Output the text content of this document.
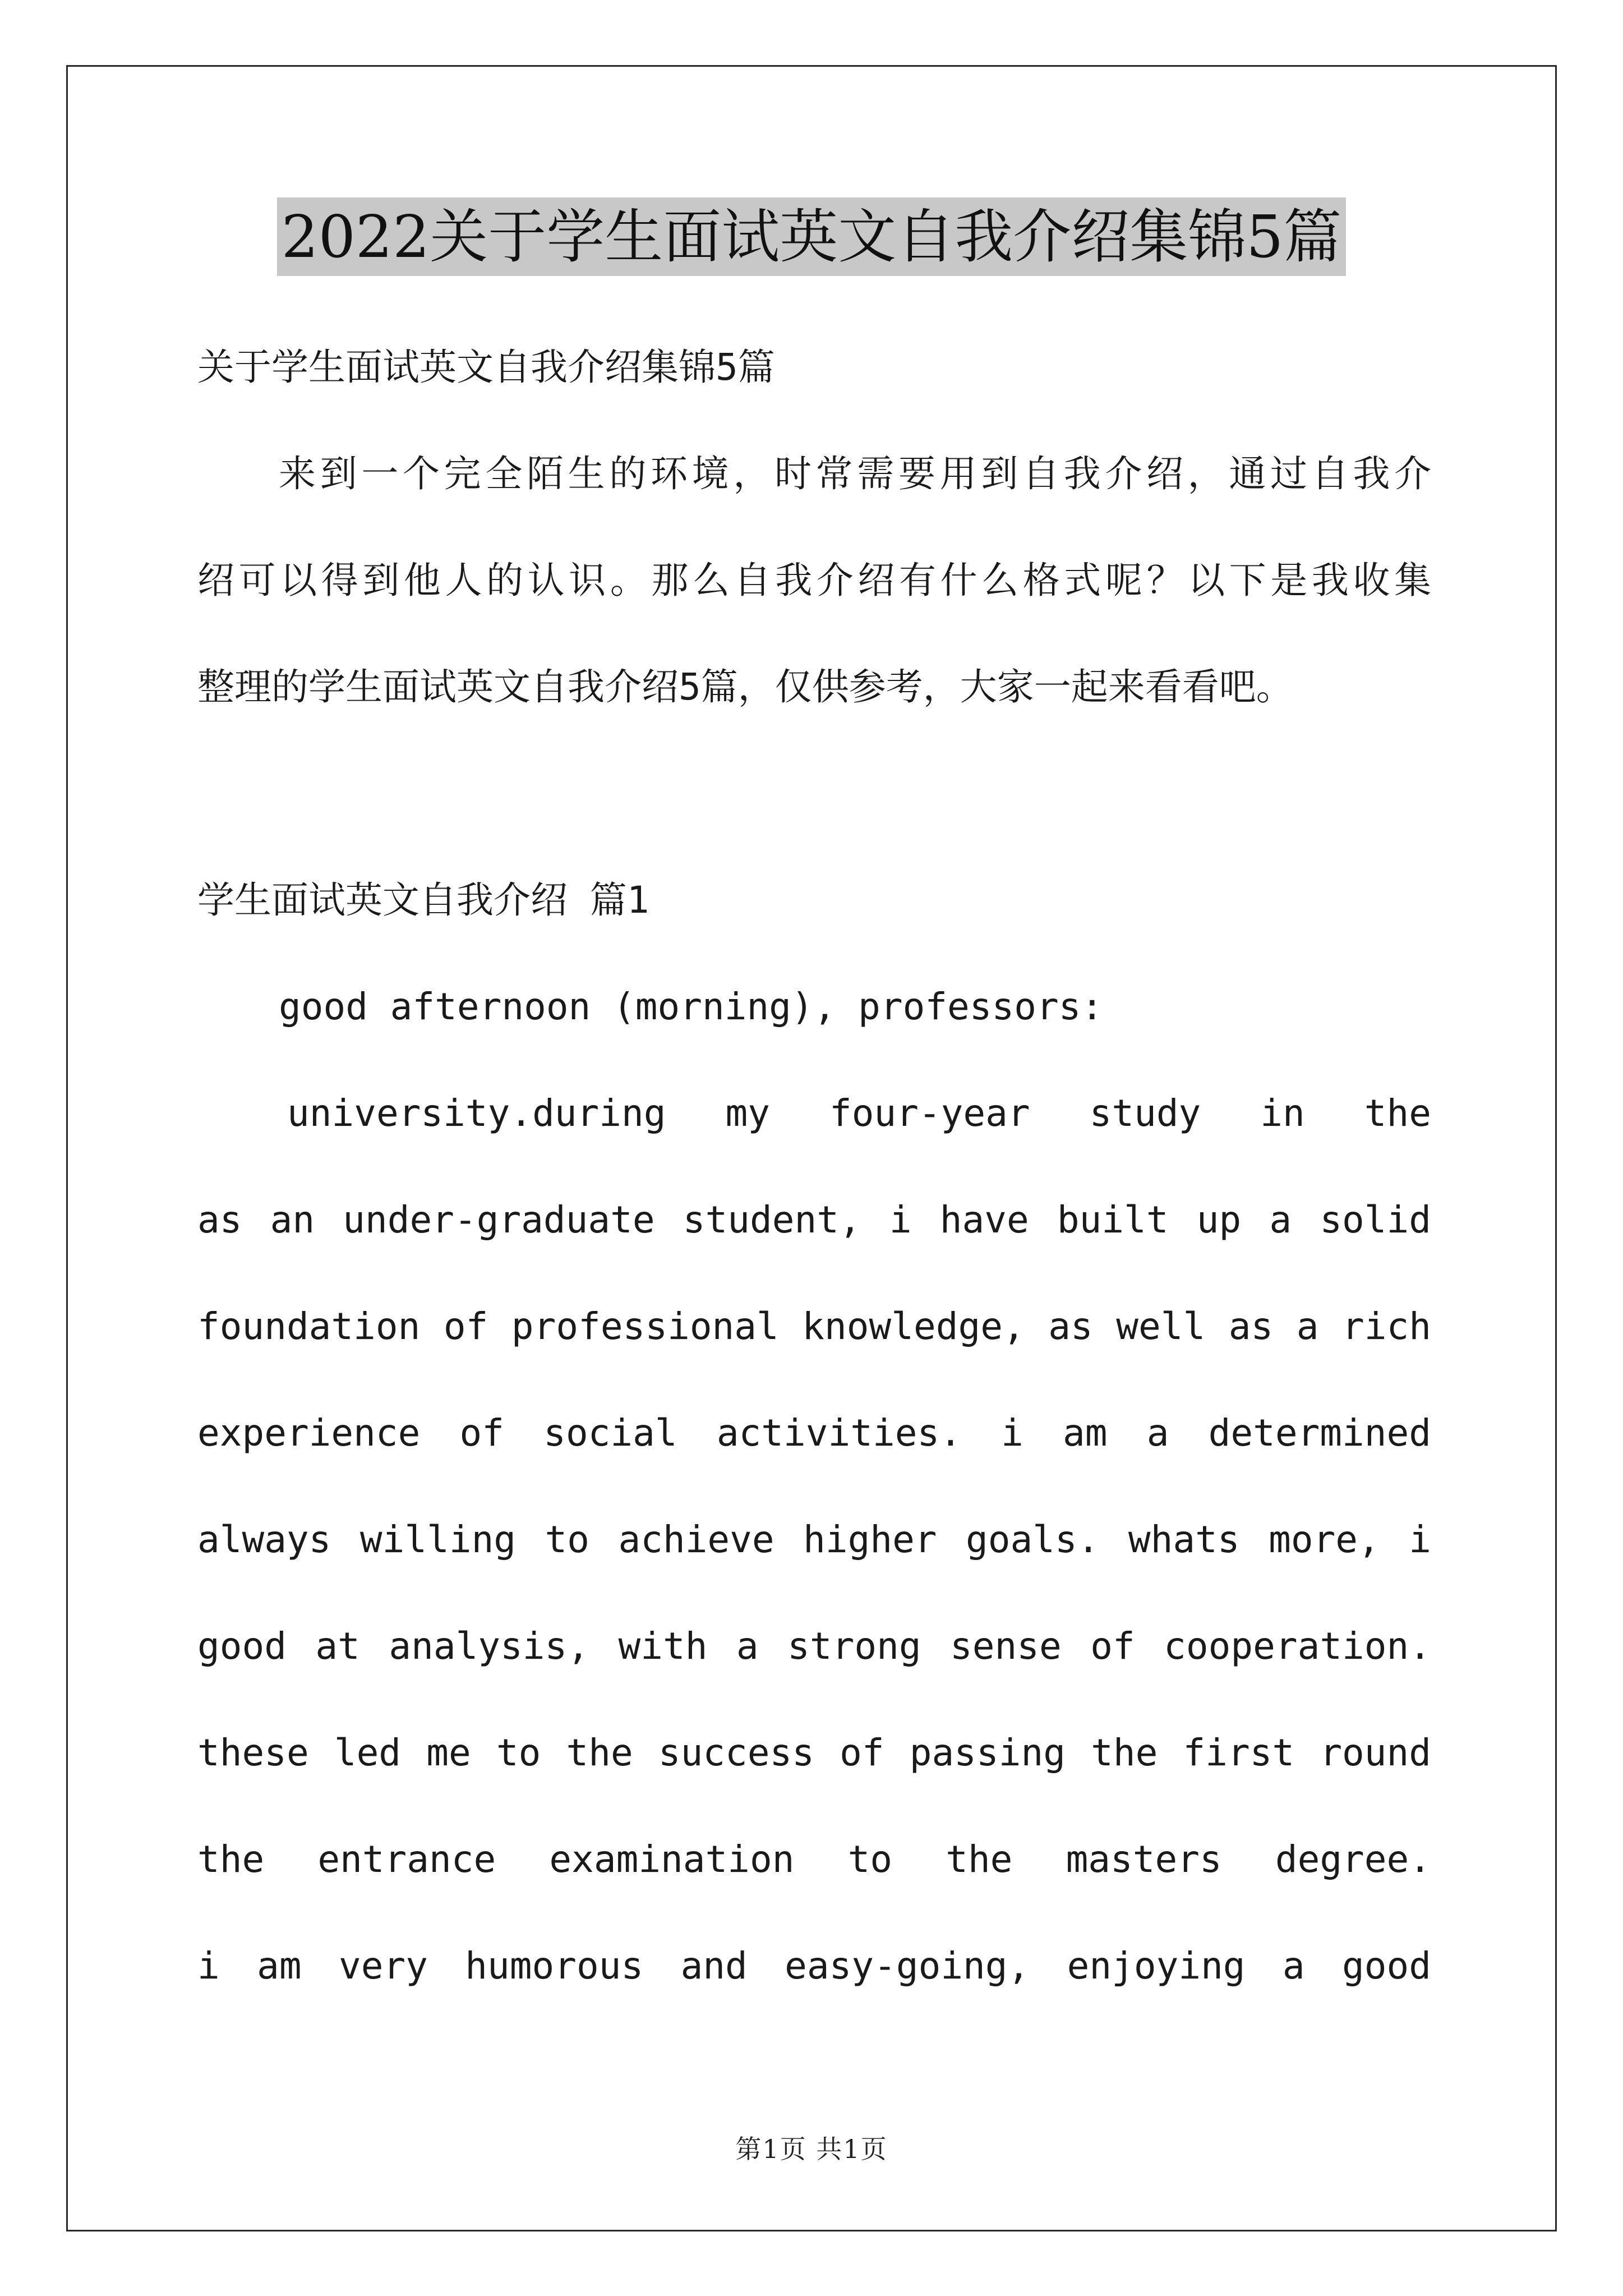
2022关于学生面试英文自我介绍集锦5篇
关于学生面试英文自我介绍集锦5篇
来到一个完全陌生的环境，时常需要用到自我介绍，通过自我介
绍可以得到他人的认识。那么自我介绍有什么格式呢？以下是我收集
整理的学生面试英文自我介绍5篇，仅供参考，大家一起来看看吧。
学生面试英文自我介绍 篇1
good afternoon (morning), professors:
university.during my four-year study in the
as an under-graduate student, i have built up a solid
foundation of professional knowledge, as well as a rich
experience of social activities. i am a determined
always willing to achieve higher goals. whats more, i
good at analysis, with a strong sense of cooperation.
these led me to the success of passing the first round
the entrance examination to the masters degree.
i am very humorous and easy-going, enjoying a good
第1页 共1页
